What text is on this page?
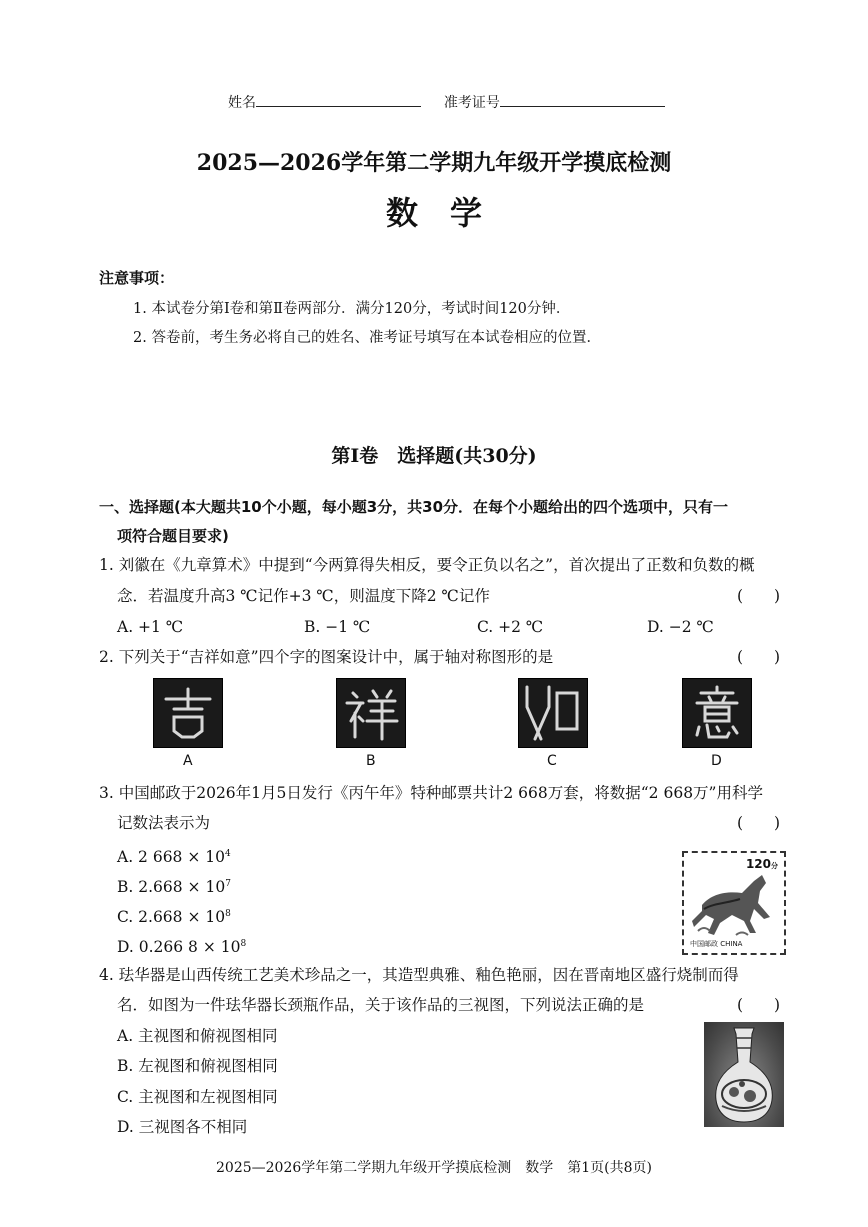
姓名	准考证号
2025—2026学年第二学期九年级开学摸底检测
数　学
注意事项：
1. 本试卷分第Ⅰ卷和第Ⅱ卷两部分．满分120分，考试时间120分钟．
2. 答卷前，考生务必将自己的姓名、准考证号填写在本试卷相应的位置．
第Ⅰ卷　选择题(共30分)
一、选择题(本大题共10个小题，每小题3分，共30分．在每个小题给出的四个选项中，只有一
项符合题目要求)
1. 刘徽在《九章算术》中提到“今两算得失相反，要令正负以名之”，首次提出了正数和负数的概
念．若温度升高3 ℃记作+3 ℃，则温度下降2 ℃记作	(　　)
A. +1 ℃	B. −1 ℃	C. +2 ℃	D. −2 ℃
2. 下列关于“吉祥如意”四个字的图案设计中，属于轴对称图形的是	(　　)
A	B	C	D
3. 中国邮政于2026年1月5日发行《丙午年》特种邮票共计2 668万套，将数据“2 668万”用科学
记数法表示为	(　　)
A. 2 $668 \times 10^4$
B. $2.668 \times 10^7$
C. $2.668 \times 10^8$
D. 0.266 $8 \times 10^8$
120分
中国邮政 CHINA
4. 珐华器是山西传统工艺美术珍品之一，其造型典雅、釉色艳丽，因在晋南地区盛行烧制而得
名．如图为一件珐华器长颈瓶作品，关于该作品的三视图，下列说法正确的是	(　　)
A. 主视图和俯视图相同
B. 左视图和俯视图相同
C. 主视图和左视图相同
D. 三视图各不相同
2025—2026学年第二学期九年级开学摸底检测　数学　第1页(共8页)
